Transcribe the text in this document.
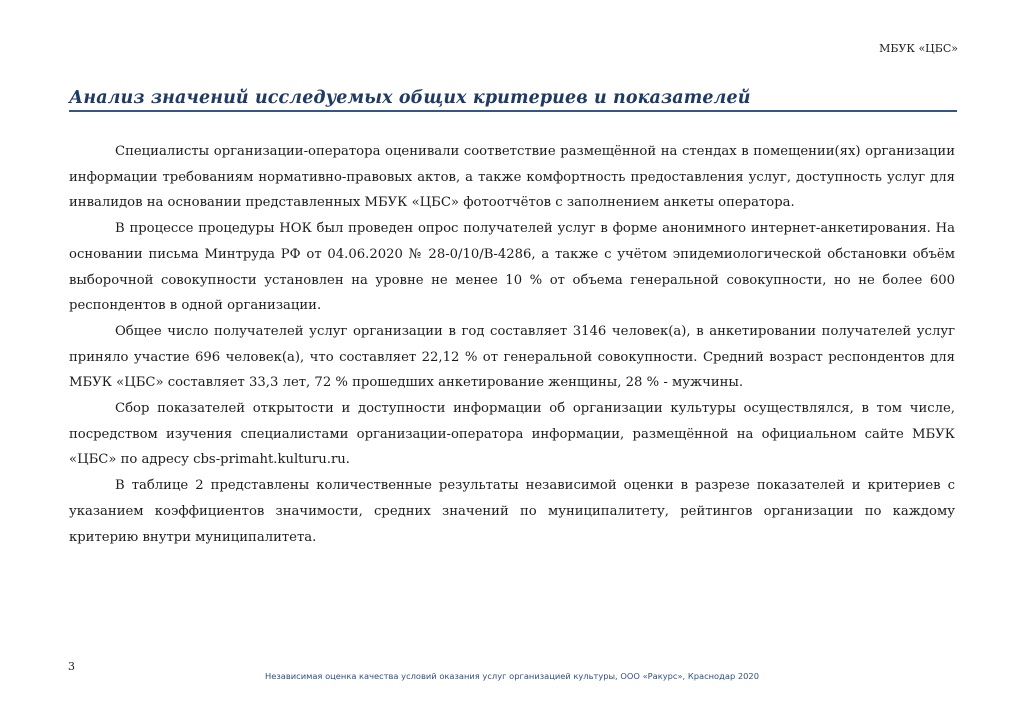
МБУК «ЦБС»
Анализ значений исследуемых общих критериев и показателей

Специалисты организации-оператора оценивали соответствие размещённой на стендах в помещении(ях) организации информации требованиям нормативно-правовых актов, а также комфортность предоставления услуг, доступность услуг для инвалидов на основании представленных МБУК «ЦБС» фотоотчётов с заполнением анкеты оператора.

В процессе процедуры НОК был проведен опрос получателей услуг в форме анонимного интернет-анкетирования. На основании письма Минтруда РФ от 04.06.2020 № 28-0/10/В-4286, а также с учётом эпидемиологической обстановки объём выборочной совокупности установлен на уровне не менее 10 % от объема генеральной совокупности, но не более 600 респондентов в одной организации.

Общее число получателей услуг организации в год составляет 3146 человек(а), в анкетировании получателей услуг приняло участие 696 человек(а), что составляет 22,12 % от генеральной совокупности. Средний возраст респондентов для МБУК «ЦБС» составляет 33,3 лет, 72 % прошедших анкетирование женщины, 28 % - мужчины.

Сбор показателей открытости и доступности информации об организации культуры осуществлялся, в том числе, посредством изучения специалистами организации-оператора информации, размещённой на официальном сайте МБУК «ЦБС» по адресу cbs-primaht.kulturu.ru.

В таблице 2 представлены количественные результаты независимой оценки в разрезе показателей и критериев с указанием коэффициентов значимости, средних значений по муниципалитету, рейтингов организации по каждому критерию внутри муниципалитета.

3
Независимая оценка качества условий оказания услуг организацией культуры, ООО «Ракурс», Краснодар 2020
